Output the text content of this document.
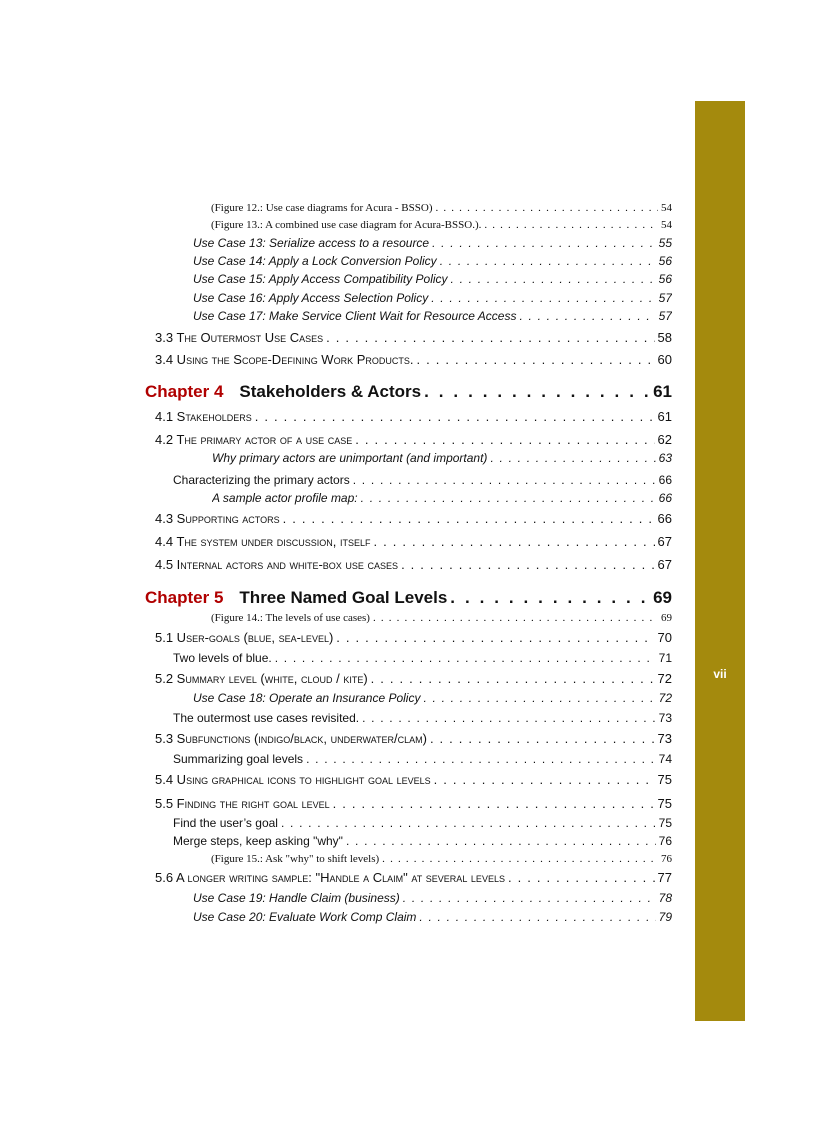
vii
(Figure 12.: Use case diagrams for Acura - BSSO) . . .	54
(Figure 13.: A combined use case diagram for Acura-BSSO.). . . .	54
Use Case 13: Serialize access to a resource . . .	55
Use Case 14: Apply a Lock Conversion Policy . . .	56
Use Case 15: Apply Access Compatibility Policy . . .	56
Use Case 16: Apply Access Selection Policy . . .	57
Use Case 17: Make Service Client Wait for Resource Access . . .	57
3.3 The Outermost Use Cases . . .	58
3.4 Using the Scope-Defining Work Products. . . .	60
Chapter 4 Stakeholders & Actors . . .	61
4.1 Stakeholders . . .	61
4.2 The primary actor of a use case . . .	62
Why primary actors are unimportant (and important) . . .	63
Characterizing the primary actors . . .	66
A sample actor profile map: . . .	66
4.3 Supporting actors . . .	66
4.4 The system under discussion, itself . . .	67
4.5 Internal actors and white-box use cases . . .	67
Chapter 5 Three Named Goal Levels . . .	69
(Figure 14.: The levels of use cases) . . .	69
5.1 User-goals (blue, sea-level) . . .	70
Two levels of blue. . . .	71
5.2 Summary level (white, cloud / kite) . . .	72
Use Case 18: Operate an Insurance Policy . . .	72
The outermost use cases revisited. . . .	73
5.3 Subfunctions (indigo/black, underwater/clam) . . .	73
Summarizing goal levels . . .	74
5.4 Using graphical icons to highlight goal levels . . .	75
5.5 Finding the right goal level . . .	75
Find the user’s goal . . .	75
Merge steps, keep asking "why" . . .	76
(Figure 15.: Ask "why" to shift levels) . . .	76
5.6 A longer writing sample: "Handle a Claim" at several levels . . .	77
Use Case 19: Handle Claim (business) . . .	78
Use Case 20: Evaluate Work Comp Claim . . .	79
